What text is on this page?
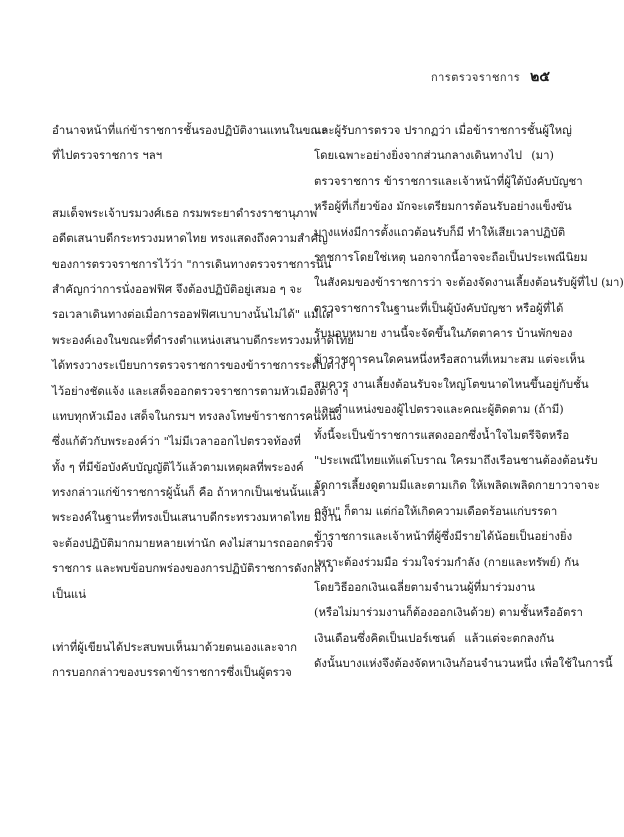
การตรวจราชการ ๒๕
อำนาจหน้าที่แก่ข้าราชการชั้นรองปฏิบัติงานแทนในขณะ
ที่ไปตรวจราชการ ฯลฯ
สมเด็จพระเจ้าบรมวงศ์เธอ กรมพระยาดำรงราชานุภาพ
อดีตเสนาบดีกระทรวงมหาดไทย ทรงแสดงถึงความสำคัญ
ของการตรวจราชการไว้ว่า "การเดินทางตรวจราชการนั้น
สำคัญกว่าการนั่งออฟฟิศ จึงต้องปฏิบัติอยู่เสมอ ๆ จะ
รอเวลาเดินทางต่อเมื่อการออฟฟิศเบาบางนั้นไม่ได้" แม้แต่
พระองค์เองในขณะที่ดำรงตำแหน่งเสนาบดีกระทรวงมหาดไทย
ได้ทรงวางระเบียบการตรวจราชการของข้าราชการระดับต่าง ๆ
ไว้อย่างชัดแจ้ง และเสด็จออกตรวจราชการตามหัวเมืองต่าง ๆ
แทบทุกหัวเมือง เสด็จในกรมฯ ทรงลงโทษข้าราชการคนหนึ่ง
ซึ่งแก้ตัวกับพระองค์ว่า "ไม่มีเวลาออกไปตรวจท้องที่
ทั้ง ๆ ที่มีข้อบังคับบัญญัติไว้แล้วตามเหตุผลที่พระองค์
ทรงกล่าวแก่ข้าราชการผู้นั้นก็ คือ ถ้าหากเป็นเช่นนั้นแล้ว
พระองค์ในฐานะที่ทรงเป็นเสนาบดีกระทรวงมหาดไทย มีงาน
จะต้องปฏิบัติมากมายหลายเท่านัก คงไม่สามารถออกตรวจ
ราชการ และพบข้อบกพร่องของการปฏิบัติราชการดังกล่าว
เป็นแน่
เท่าที่ผู้เขียนได้ประสบพบเห็นมาด้วยตนเองและจาก
การบอกกล่าวของบรรดาข้าราชการซึ่งเป็นผู้ตรวจ
และผู้รับการตรวจ ปรากฏว่า เมื่อข้าราชการชั้นผู้ใหญ่
โดยเฉพาะอย่างยิ่งจากส่วนกลางเดินทางไป (มา)
ตรวจราชการ ข้าราชการและเจ้าหน้าที่ผู้ใต้บังคับบัญชา
หรือผู้ที่เกี่ยวข้อง มักจะเตรียมการต้อนรับอย่างแข็งขัน
บางแห่งมีการตั้งแถวต้อนรับก็มี ทำให้เสียเวลาปฏิบัติ
ราชการโดยใช่เหตุ นอกจากนี้อาจจะถือเป็นประเพณีนิยม
ในสังคมของข้าราชการว่า จะต้องจัดงานเลี้ยงต้อนรับผู้ที่ไป (มา)
ตรวจราชการในฐานะที่เป็นผู้บังคับบัญชา หรือผู้ที่ได้
รับมอบหมาย งานนี้จะจัดขึ้นในภัตตาคาร บ้านพักของ
ข้าราชการคนใดคนหนึ่งหรือสถานที่เหมาะสม แต่จะเห็น
สมควร งานเลี้ยงต้อนรับจะใหญ่โตขนาดไหนขึ้นอยู่กับชั้น
และตำแหน่งของผู้ไปตรวจและคณะผู้ติดตาม (ถ้ามี)
ทั้งนี้จะเป็นข้าราชการแสดงออกซึ่งน้ำใจไมตรีจิตหรือ
"ประเพณีไทยแท้แต่โบราณ ใครมาถึงเรือนชานต้องต้อนรับ
จัดการเลี้ยงดูตามมีและตามเกิด ให้เพลิดเพลิดกายาวาจาจะ
กลับ" ก็ตาม แต่ก่อให้เกิดความเดือดร้อนแก่บรรดา
ข้าราชการและเจ้าหน้าที่ผู้ซึ่งมีรายได้น้อยเป็นอย่างยิ่ง
เพราะต้องร่วมมือ ร่วมใจร่วมกำลัง (กายและทรัพย์) กัน
โดยวิธีออกเงินเฉลี่ยตามจำนวนผู้ที่มาร่วมงาน
(หรือไม่มาร่วมงานก็ต้องออกเงินด้วย) ตามชั้นหรืออัตรา
เงินเดือนซึ่งคิดเป็นเปอร์เซนต์ แล้วแต่จะตกลงกัน
ดังนั้นบางแห่งจึงต้องจัดหาเงินก้อนจำนวนหนึ่ง เพื่อใช้ในการนี้
